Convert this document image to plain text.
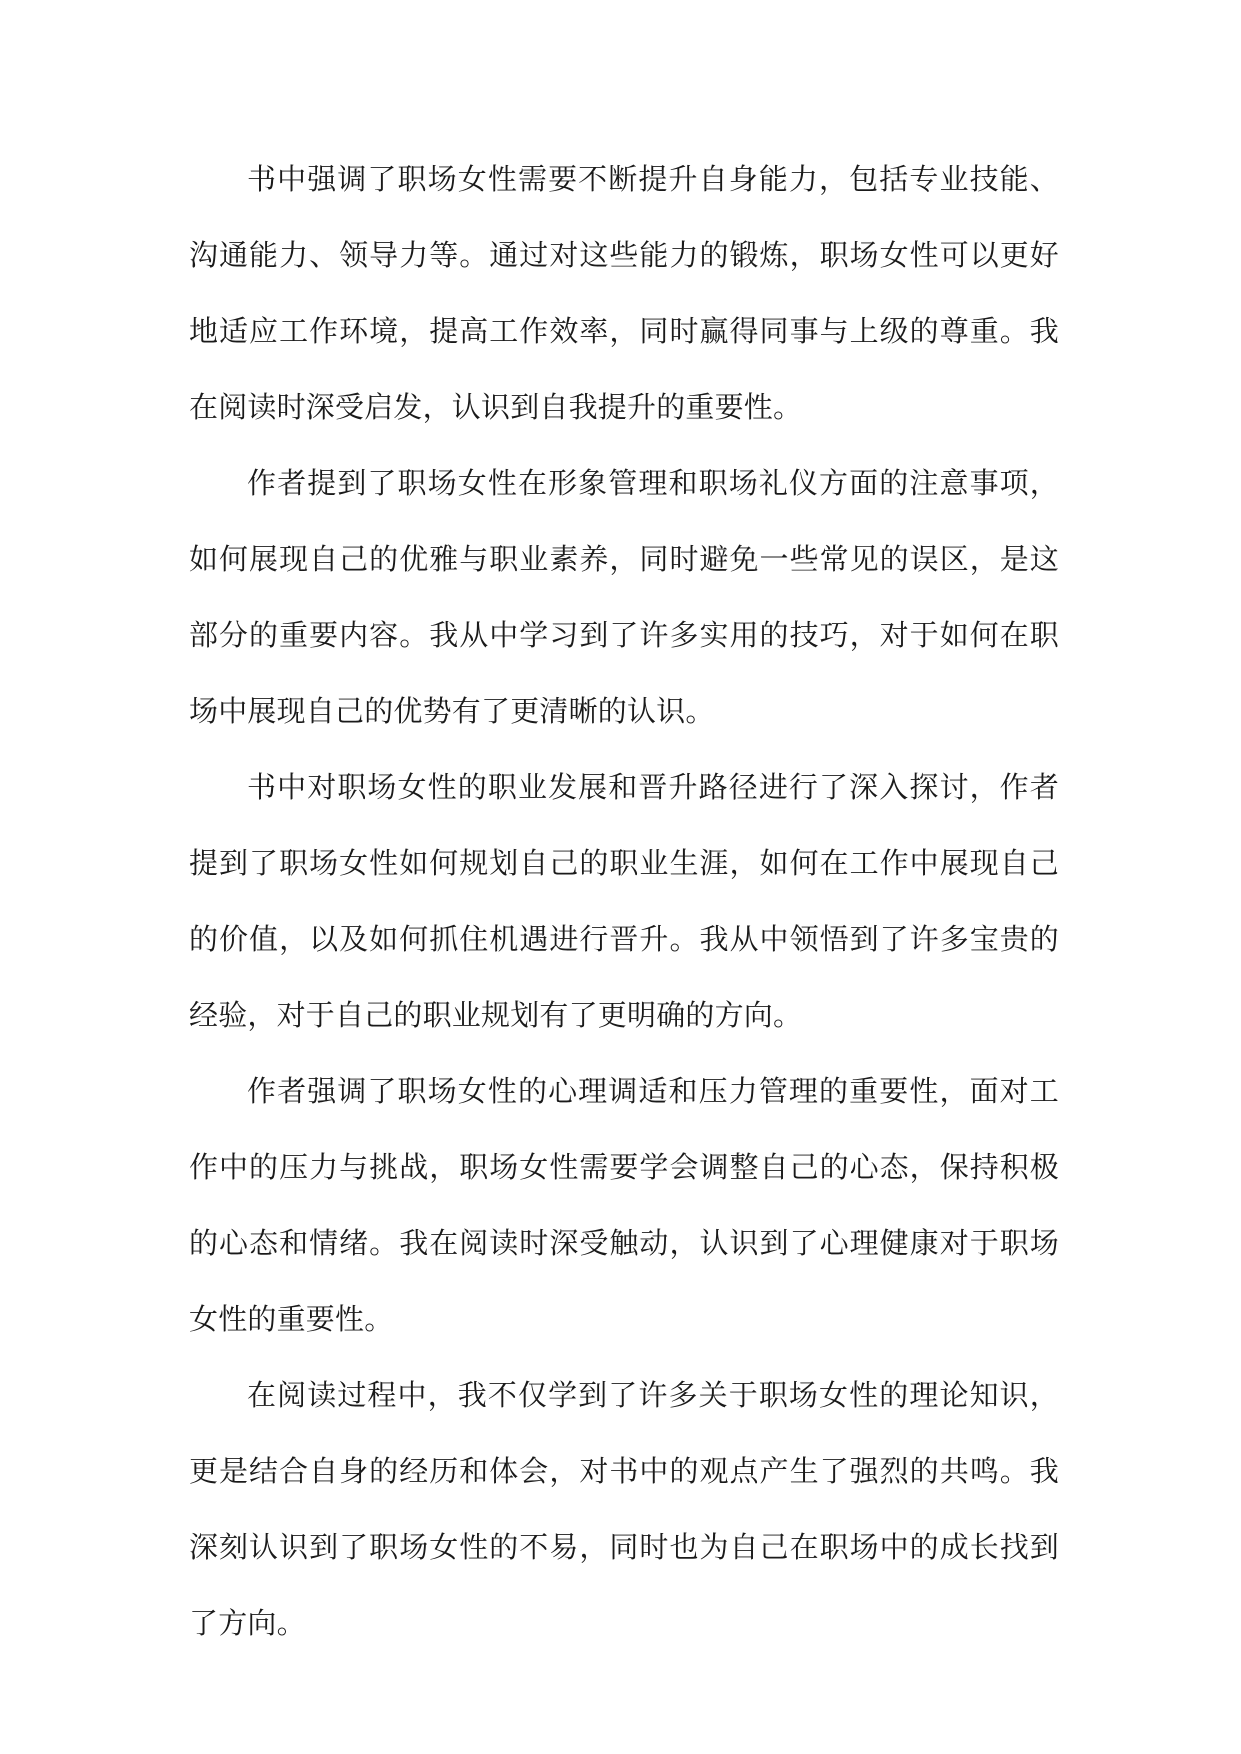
书中强调了职场女性需要不断提升自身能力，包括专业技能、沟通能力、领导力等。通过对这些能力的锻炼，职场女性可以更好地适应工作环境，提高工作效率，同时赢得同事与上级的尊重。我在阅读时深受启发，认识到自我提升的重要性。

作者提到了职场女性在形象管理和职场礼仪方面的注意事项，如何展现自己的优雅与职业素养，同时避免一些常见的误区，是这部分的重要内容。我从中学习到了许多实用的技巧，对于如何在职场中展现自己的优势有了更清晰的认识。

书中对职场女性的职业发展和晋升路径进行了深入探讨，作者提到了职场女性如何规划自己的职业生涯，如何在工作中展现自己的价值，以及如何抓住机遇进行晋升。我从中领悟到了许多宝贵的经验，对于自己的职业规划有了更明确的方向。

作者强调了职场女性的心理调适和压力管理的重要性，面对工作中的压力与挑战，职场女性需要学会调整自己的心态，保持积极的心态和情绪。我在阅读时深受触动，认识到了心理健康对于职场女性的重要性。

在阅读过程中，我不仅学到了许多关于职场女性的理论知识，更是结合自身的经历和体会，对书中的观点产生了强烈的共鸣。我深刻认识到了职场女性的不易，同时也为自己在职场中的成长找到了方向。
